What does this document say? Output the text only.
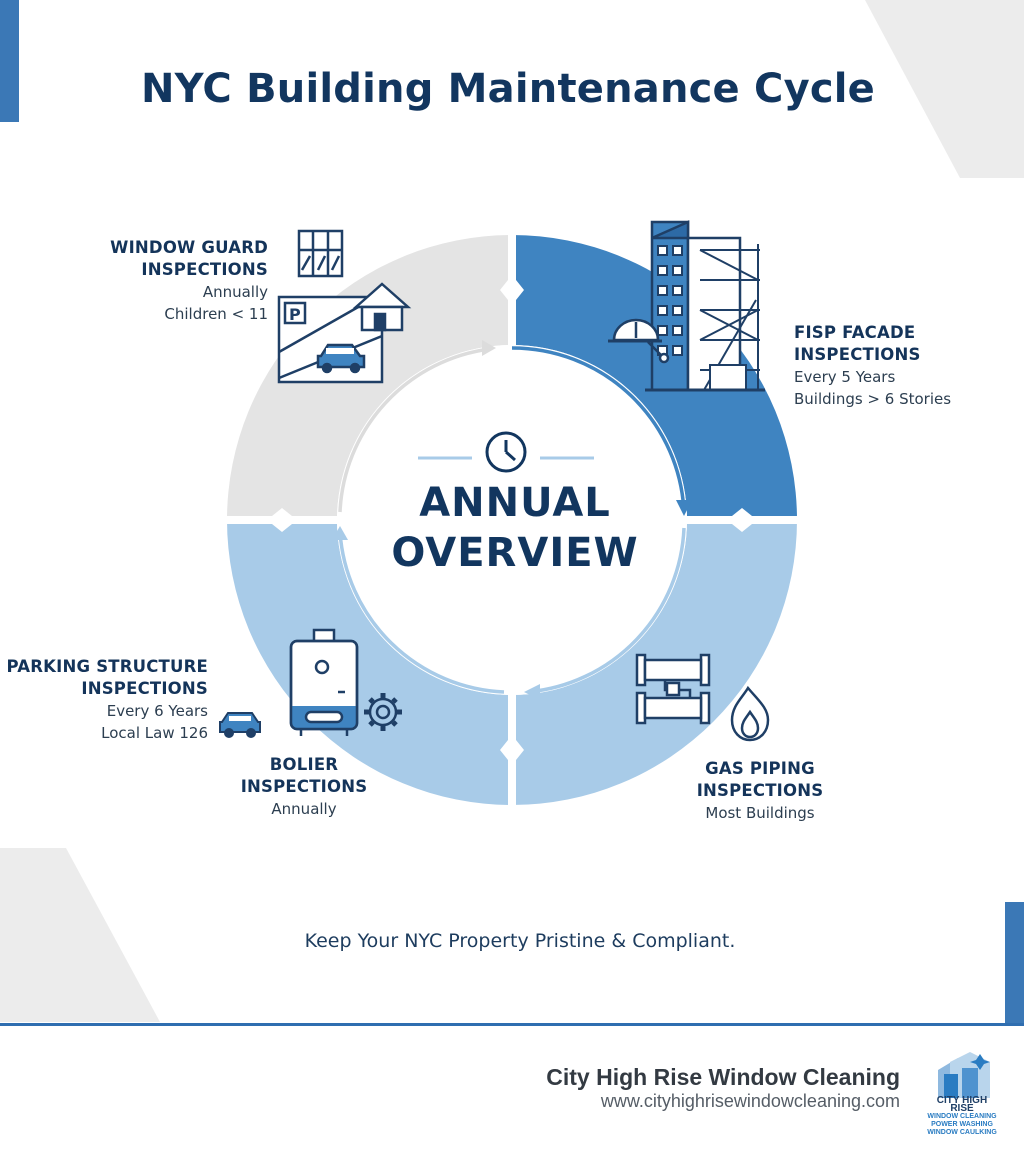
P
NYC Building Maintenance Cycle
ANNUAL
OVERVIEW
WINDOW GUARD
INSPECTIONS
Annually
Children < 11
FISP FACADE
INSPECTIONS
Every 5 Years
Buildings > 6 Stories
GAS PIPING
INSPECTIONS
Most Buildings
BOLIER
INSPECTIONS
Annually
PARKING STRUCTURE
INSPECTIONS
Every 6 Years
Local Law 126
Keep Your NYC Property Pristine & Compliant.
City High Rise Window Cleaning
www.cityhighrisewindowcleaning.com	CITY HIGH RISE
WINDOW CLEANING
POWER WASHING
WINDOW CAULKING
